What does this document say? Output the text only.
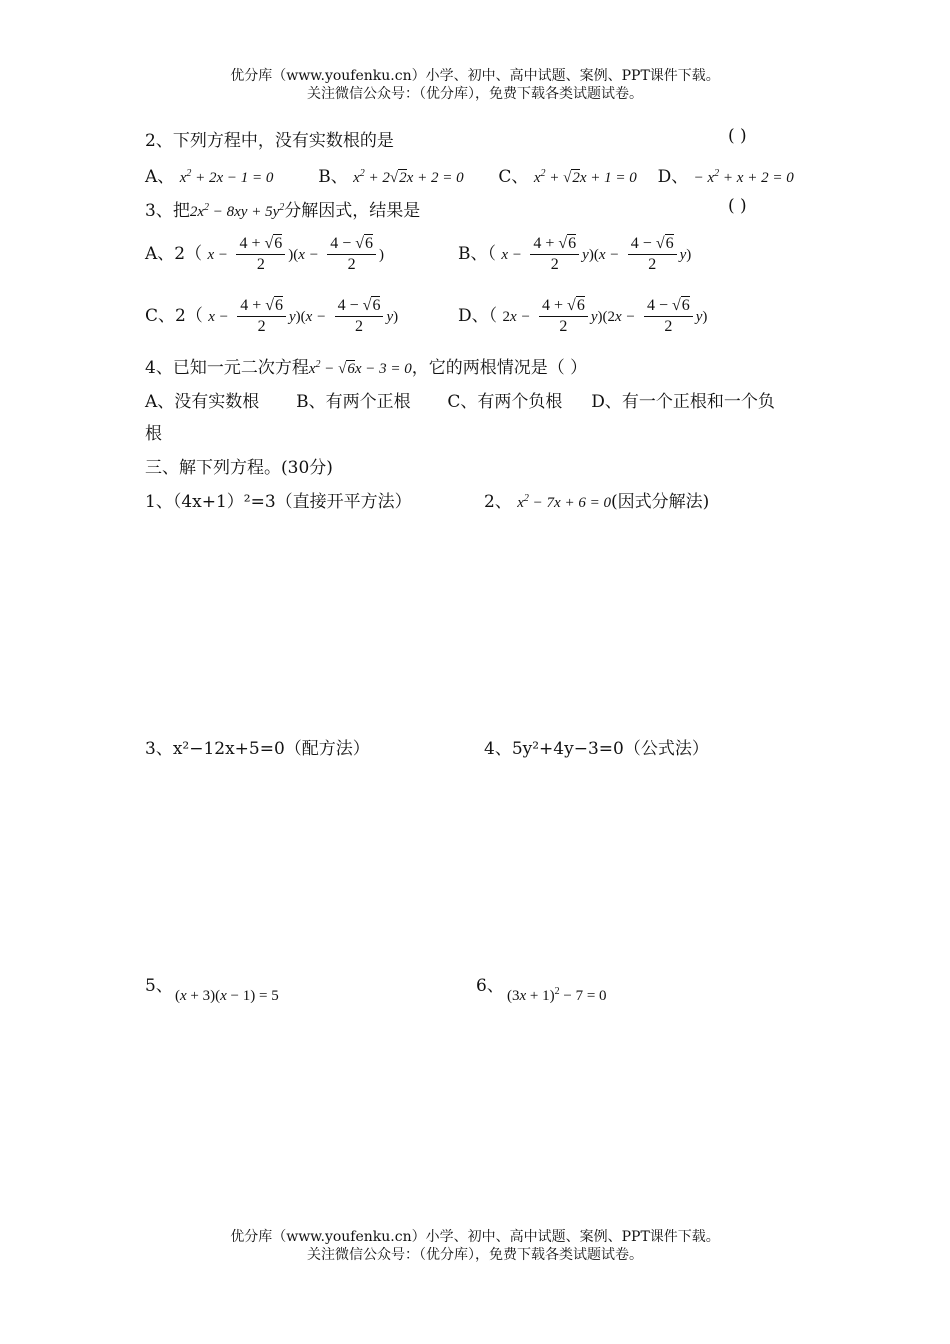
优分库（www.youfenku.cn）小学、初中、高中试题、案例、PPT课件下载。
关注微信公众号：（优分库），免费下载各类试题试卷。
2、下列方程中，没有实数根的是	( )
A、 $x^2 + 2x - 1 = 0$	B、 $x^2 + 2√2x + 2 = 0$ C、 $x^2 + √2x + 1 = 0$ D、 − $x^2 + x + 2 = 0$
3、把$2x^2 - 8xy + 5y^2$分解因式，结果是	( )
A、2（ $x - \frac{4 + √6}{2} )(x - \frac{4 - √6}{2}$ )	B、（ $x - \frac{4 + √6}{2} y)(x - \frac{4 - √6}{2} y)$
C、2（ $x - \frac{4 + √6}{2} y)(x - \frac{4 - √6}{2} y)$	D、（ $2x - \frac{4 + √6}{2} y)(2x - \frac{4 - √6}{2} y)$
4、已知一元二次方程$x^2 - √6x - 3 = 0$，它的两根情况是（ ）
A、没有实数根 B、有两个正根 C、有两个负根 D、有一个正根和一个负
根
三、解下列方程。(30分)
1、（4x+1）²=3（直接开平方法）	2、 $x^2 - 7x + 6 = 0$(因式分解法)
3、x²−12x+5=0（配方法）	4、5y²+4y−3=0（公式法）
5、 (x + 3)(x − 1) = 5	6、 $(3x + 1)^2 - 7 = 0$
优分库（www.youfenku.cn）小学、初中、高中试题、案例、PPT课件下载。
关注微信公众号：（优分库），免费下载各类试题试卷。
